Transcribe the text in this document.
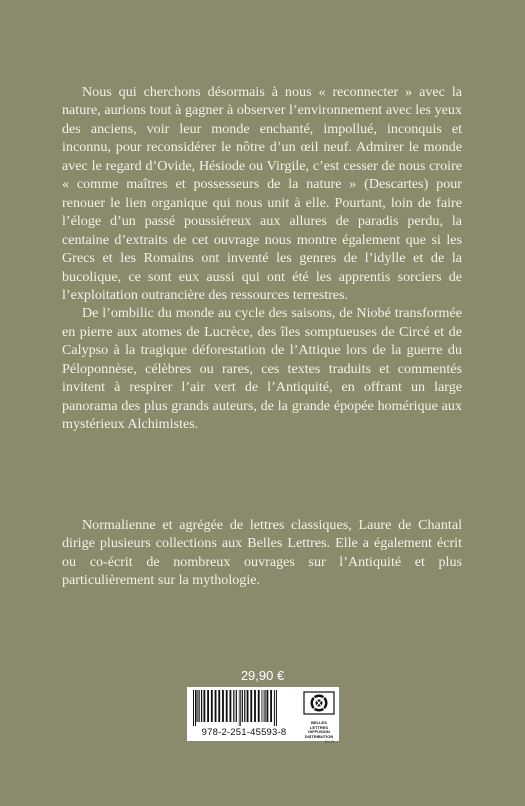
Nous qui cherchons désormais à nous « reconnecter » avec la nature, aurions tout à gagner à observer l’environnement avec les yeux des anciens, voir leur monde enchanté, impollué, inconquis et inconnu, pour reconsidérer le nôtre d’un œil neuf. Admirer le monde avec le regard d’Ovide, Hésiode ou Virgile, c’est cesser de nous croire « comme maîtres et possesseurs de la nature » (Descartes) pour renouer le lien organique qui nous unit à elle. Pourtant, loin de faire l’éloge d’un passé poussiéreux aux allures de paradis perdu, la centaine d’extraits de cet ouvrage nous montre également que si les Grecs et les Romains ont inventé les genres de l’idylle et de la bucolique, ce sont eux aussi qui ont été les apprentis sorciers de l’exploitation outrancière des ressources terrestres.

De l’ombilic du monde au cycle des saisons, de Niobé transformée en pierre aux atomes de Lucrèce, des îles somptueuses de Circé et de Calypso à la tragique déforestation de l’Attique lors de la guerre du Péloponnèse, célèbres ou rares, ces textes traduits et commentés invitent à respirer l’air vert de l’Antiquité, en offrant un large panorama des plus grands auteurs, de la grande épopée homérique aux mystérieux Alchimistes.

Normalienne et agrégée de lettres classiques, Laure de Chantal dirige plusieurs collections aux Belles Lettres. Elle a également écrit ou co-écrit de nombreux ouvrages sur l’Antiquité et plus particulièrement sur la mythologie.

29,90 €
978-2-251-45593-8
BELLES LETTRES
DIFFUSION
DISTRIBUTION
B.L.D.
